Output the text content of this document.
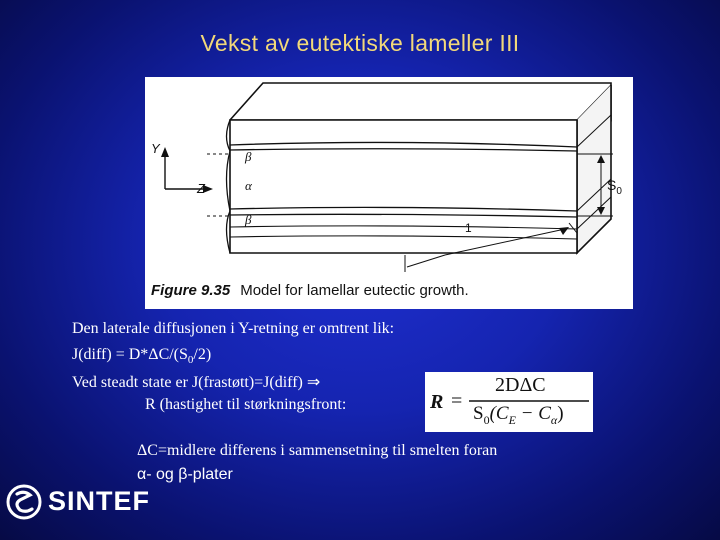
Vekst av eutektiske lameller III
Y
Z
β
α
β
$S_0$
1
Figure 9.35 Model for lamellar eutectic growth.
Den laterale diffusjonen i Y-retning er omtrent lik:
J(diff) = $D*\Delta C/(S_0/2)$
Ved steadt state er J(frastøtt)=J(diff) ⇒
R (hastighet til størkningsfront:	R =
2DΔC
$S_0(C_E - C_\alpha)$
ΔC=midlere differens i sammensetning til smelten foran
α- og β-plater
SINTEF
